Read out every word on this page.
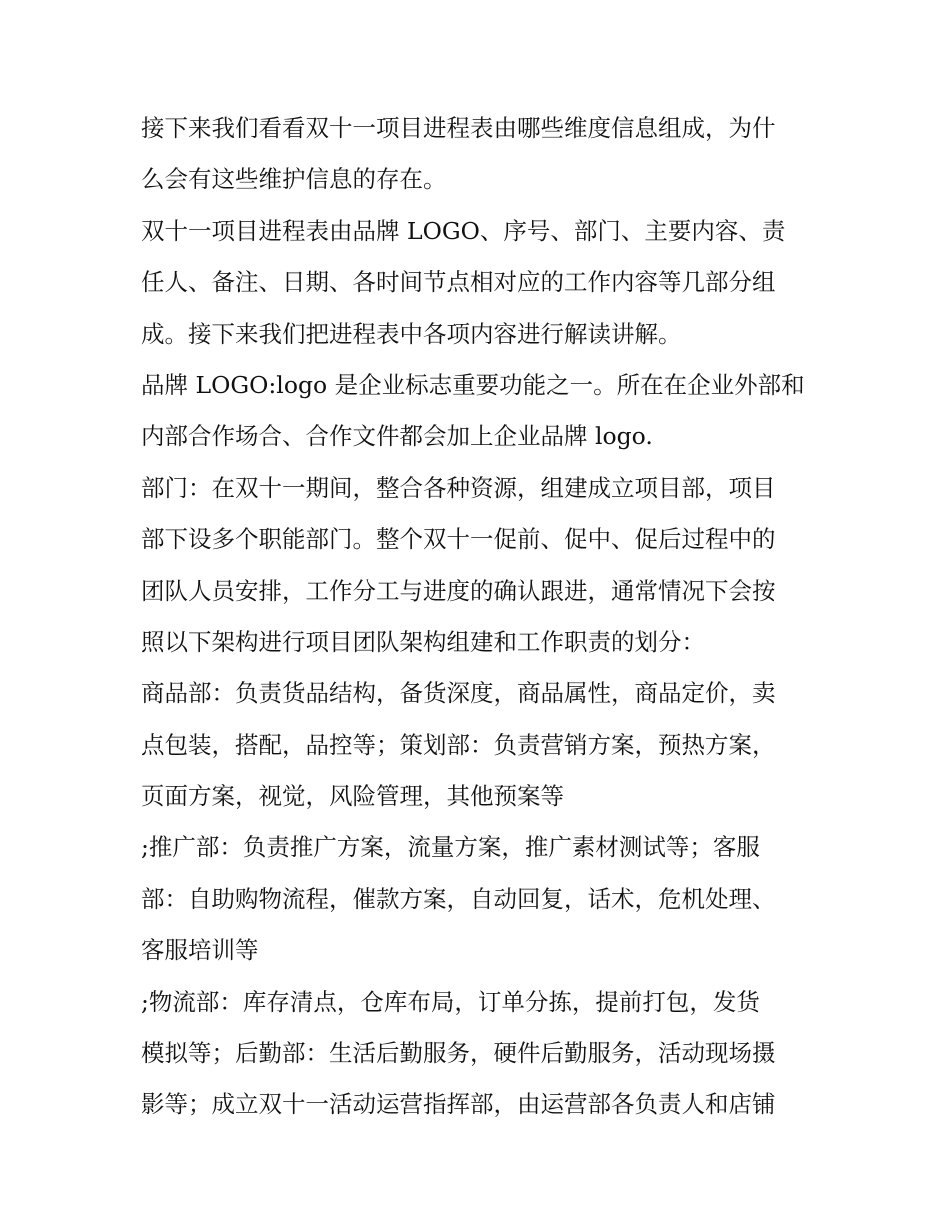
接下来我们看看双十一项目进程表由哪些维度信息组成，为什
么会有这些维护信息的存在。
双十一项目进程表由品牌 LOGO、序号、部门、主要内容、责
任人、备注、日期、各时间节点相对应的工作内容等几部分组
成。接下来我们把进程表中各项内容进行解读讲解。
品牌 LOGO:logo 是企业标志重要功能之一。所在在企业外部和
内部合作场合、合作文件都会加上企业品牌 logo.
部门：在双十一期间，整合各种资源，组建成立项目部，项目
部下设多个职能部门。整个双十一促前、促中、促后过程中的
团队人员安排，工作分工与进度的确认跟进，通常情况下会按
照以下架构进行项目团队架构组建和工作职责的划分：
商品部：负责货品结构，备货深度，商品属性，商品定价，卖
点包装，搭配，品控等；策划部：负责营销方案，预热方案，
页面方案，视觉，风险管理，其他预案等
;推广部：负责推广方案，流量方案，推广素材测试等；客服
部：自助购物流程，催款方案，自动回复，话术，危机处理、
客服培训等
;物流部：库存清点，仓库布局，订单分拣，提前打包，发货
模拟等；后勤部：生活后勤服务，硬件后勤服务，活动现场摄
影等；成立双十一活动运营指挥部，由运营部各负责人和店铺
